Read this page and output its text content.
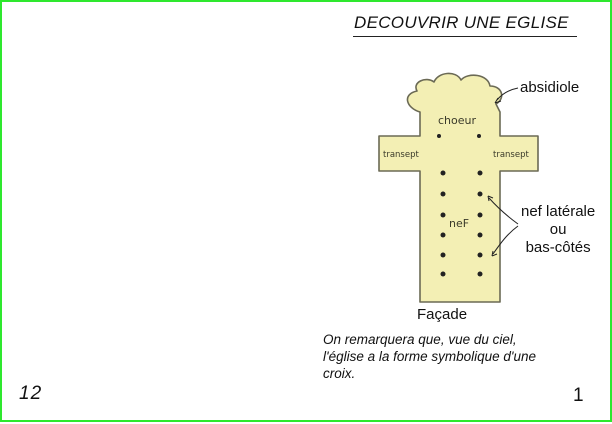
DECOUVRIR UNE EGLISE
choeur
transept	transept
neF
absidiole
nef latérale
ou
bas-côtés
Façade
On remarquera que, vue du ciel,
l'église a la forme symbolique d'une
croix.
12	1
